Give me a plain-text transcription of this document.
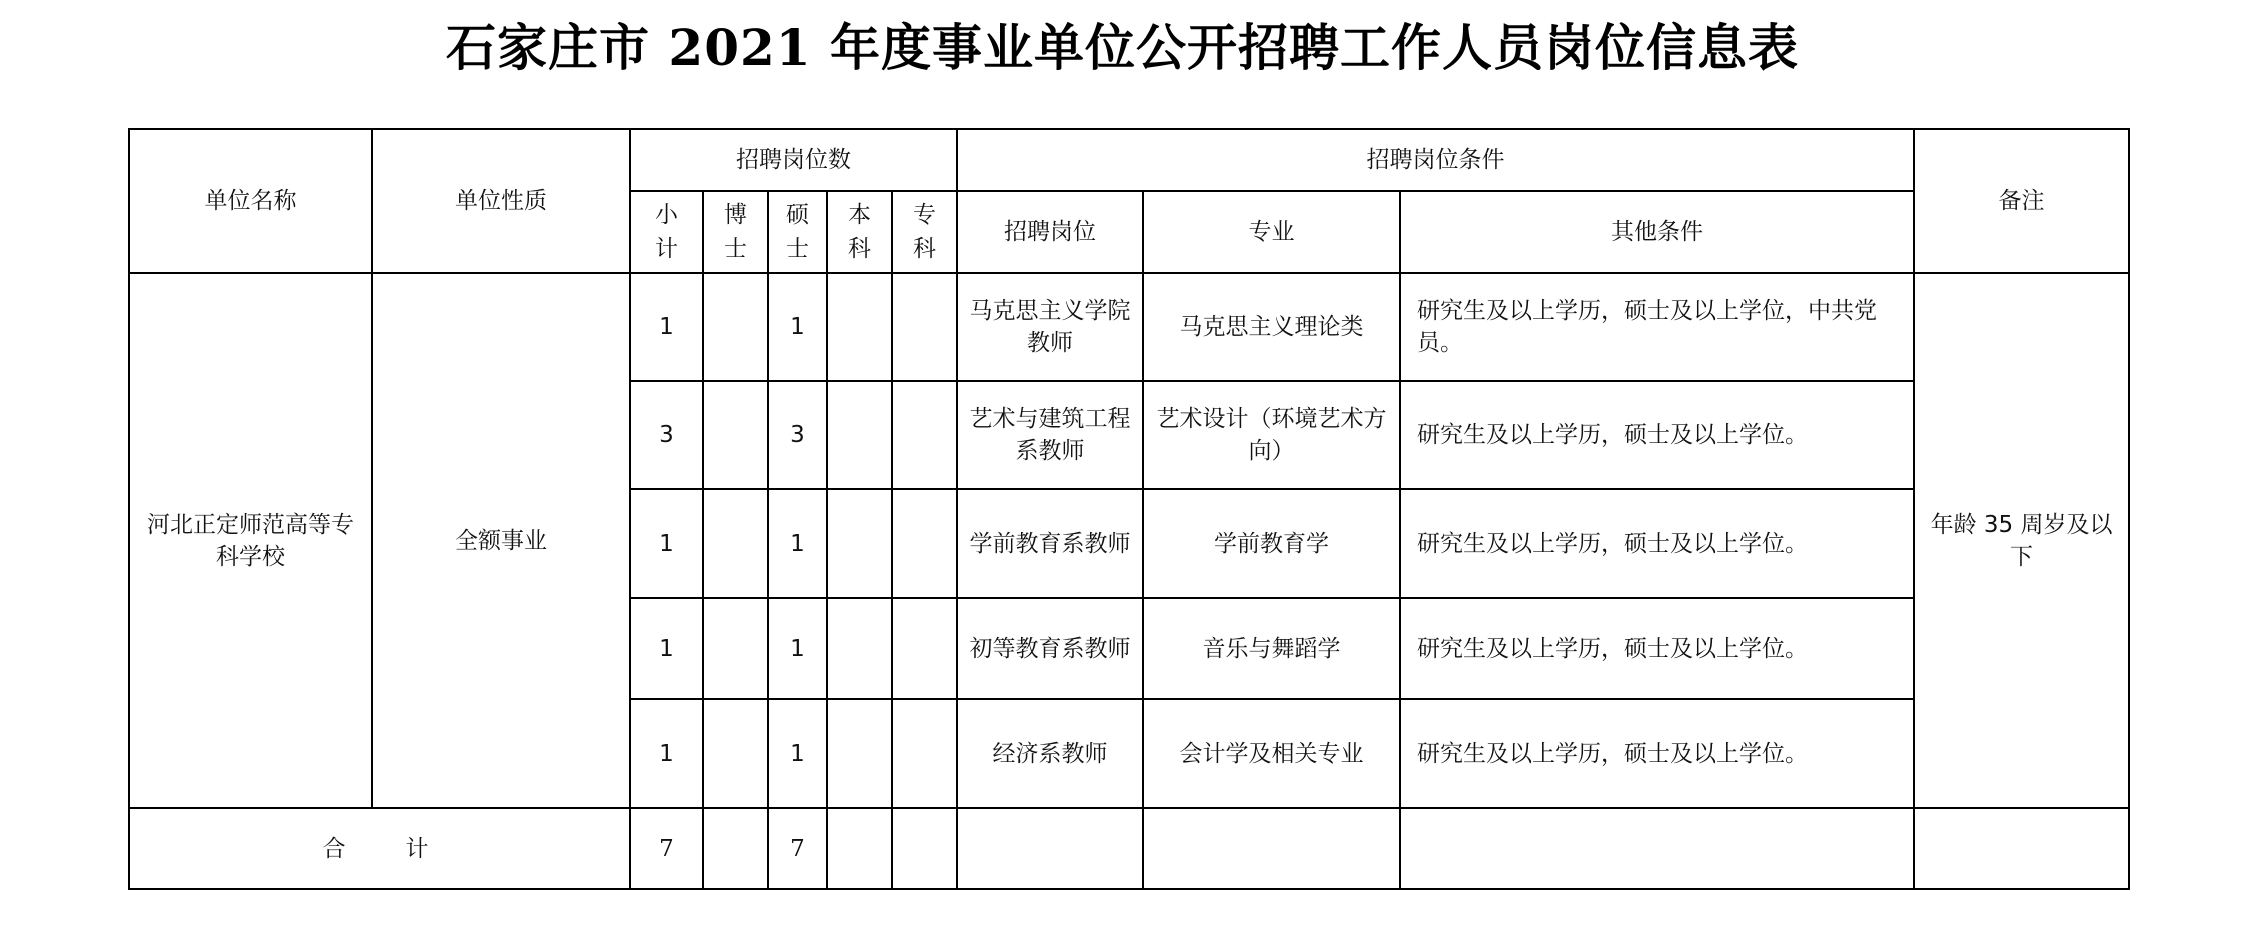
石家庄市 2021 年度事业单位公开招聘工作人员岗位信息表
单位名称	单位性质	招聘岗位数					招聘岗位条件			备注
		小计	博士	硕士	本科	专科	招聘岗位	专业	其他条件	
河北正定师范高等专科学校	全额事业	1		1			马克思主义学院教师	马克思主义理论类	研究生及以上学历，硕士及以上学位，中共党员。	年龄 35 周岁及以下
		3		3			艺术与建筑工程系教师	艺术设计（环境艺术方向）	研究生及以上学历，硕士及以上学位。	
		1		1			学前教育系教师	学前教育学	研究生及以上学历，硕士及以上学位。	
		1		1			初等教育系教师	音乐与舞蹈学	研究生及以上学历，硕士及以上学位。	
		1		1			经济系教师	会计学及相关专业	研究生及以上学历，硕士及以上学位。	
合计		7		7						
